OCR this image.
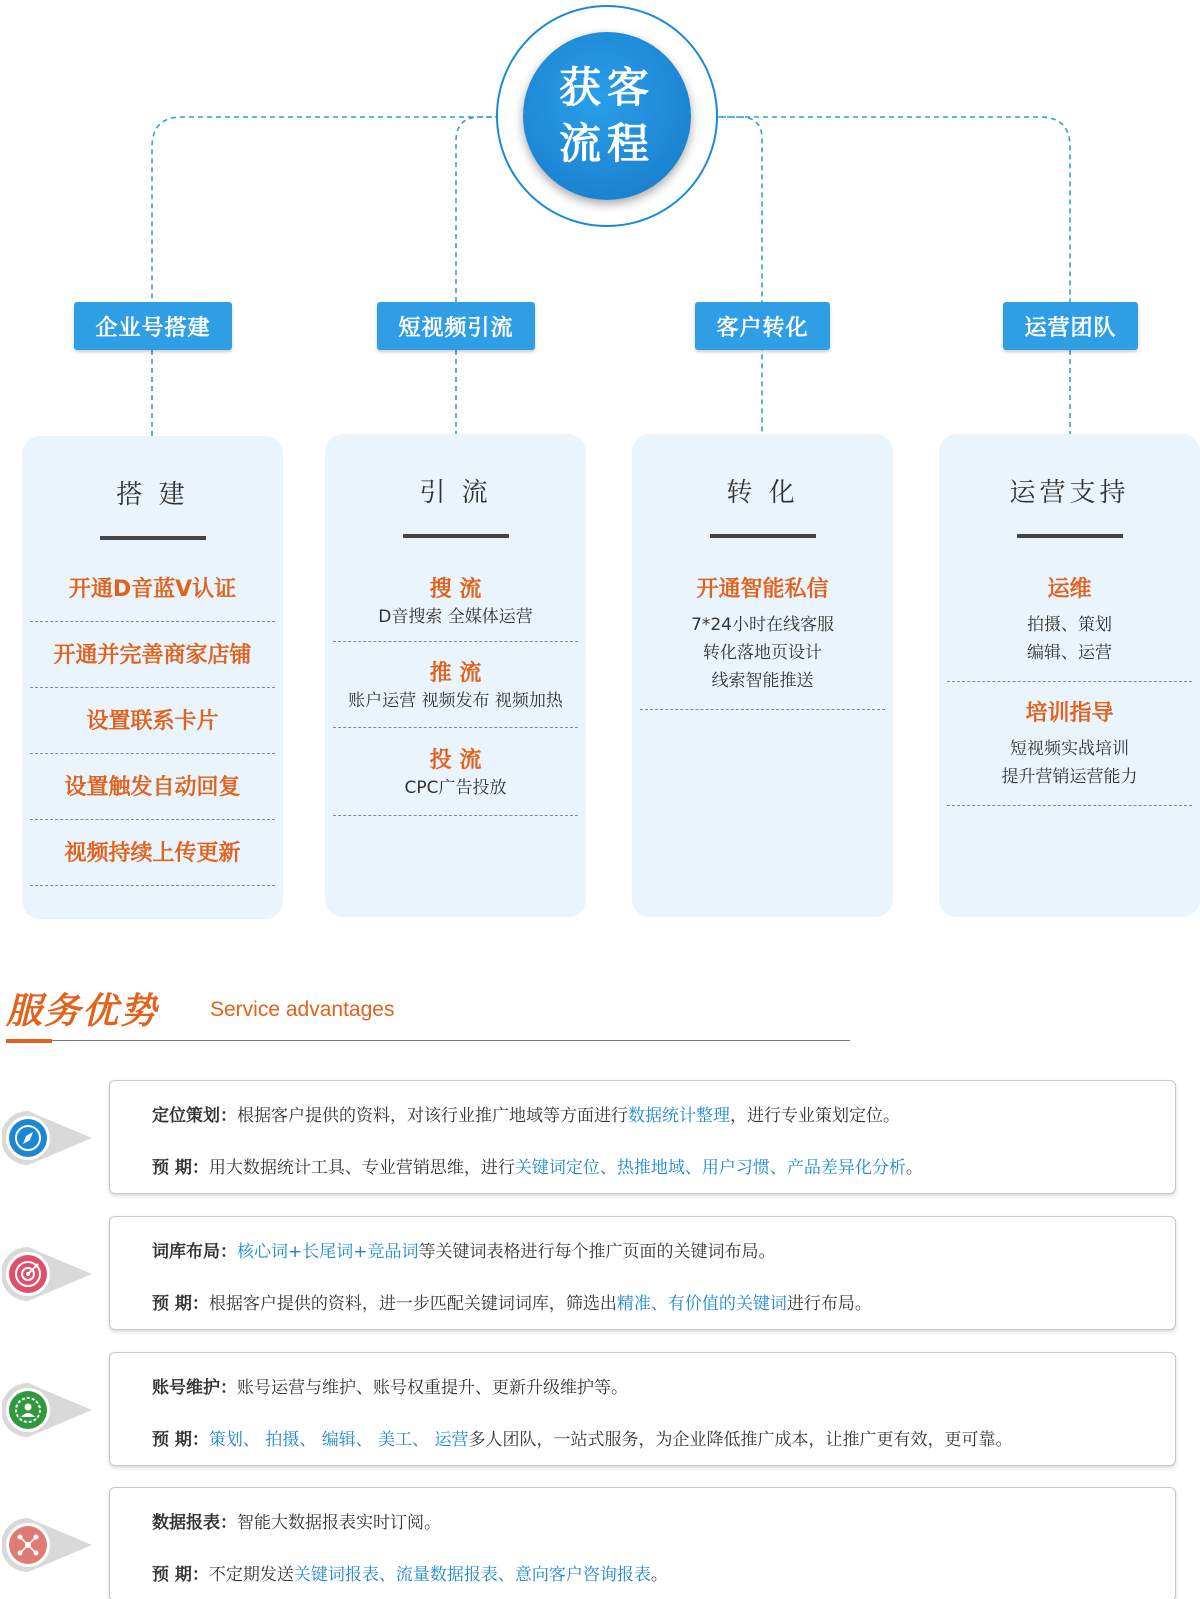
获客
流程
企业号搭建	短视频引流	客户转化	运营团队
搭 建
开通D音蓝V认证
开通并完善商家店铺
设置联系卡片
设置触发自动回复
视频持续上传更新
引 流
搜 流
D音搜索 全媒体运营
推 流
账户运营 视频发布 视频加热
投 流
CPC广告投放
转 化
开通智能私信
7*24小时在线客服
转化落地页设计
线索智能推送
运营支持
运维
拍摄、策划
编辑、运营
培训指导
短视频实战培训
提升营销运营能力
服务优势 Service advantages

定位策划：根据客户提供的资料，对该行业推广地域等方面进行数据统计整理，进行专业策划定位。

预 期：用大数据统计工具、专业营销思维，进行关键词定位、热推地域、用户习惯、产品差异化分析。

词库布局：核心词+长尾词+竞品词等关键词表格进行每个推广页面的关键词布局。

预 期：根据客户提供的资料，进一步匹配关键词词库，筛选出精准、有价值的关键词进行布局。

账号维护：账号运营与维护、账号权重提升、更新升级维护等。

预 期：策划、 拍摄、 编辑、 美工、 运营多人团队，一站式服务，为企业降低推广成本，让推广更有效，更可靠。

数据报表：智能大数据报表实时订阅。

预 期：不定期发送关键词报表、流量数据报表、意向客户咨询报表。
